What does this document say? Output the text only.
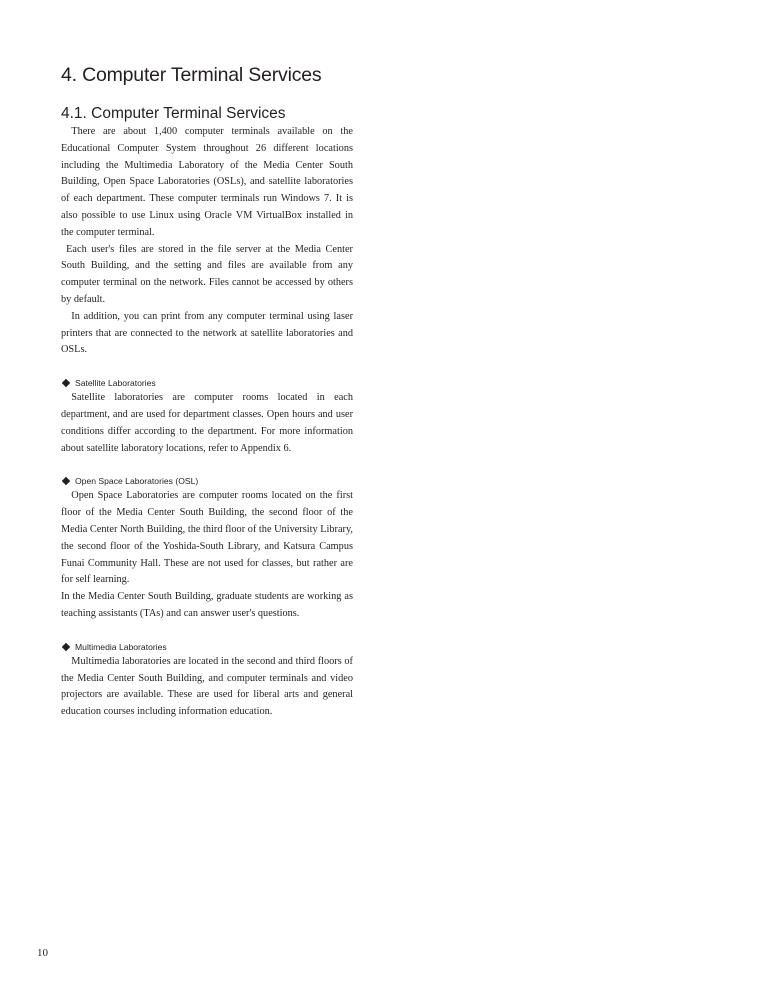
4. Computer Terminal Services
4.1. Computer Terminal Services

There are about 1,400 computer terminals available on the Educational Computer System throughout 26 different locations including the Multimedia Laboratory of the Media Center South Building, Open Space Laboratories (OSLs), and satellite laboratories of each department. These computer terminals run Windows 7. It is also possible to use Linux using Oracle VM VirtualBox installed in the computer terminal.

Each user's files are stored in the file server at the Media Center South Building, and the setting and files are available from any computer terminal on the network. Files cannot be accessed by others by default.

In addition, you can print from any computer terminal using laser printers that are connected to the network at satellite laboratories and OSLs.

Satellite Laboratories

Satellite laboratories are computer rooms located in each department, and are used for department classes. Open hours and user conditions differ according to the department. For more information about satellite laboratory locations, refer to Appendix 6.

Open Space Laboratories (OSL)

Open Space Laboratories are computer rooms located on the first floor of the Media Center South Building, the second floor of the Media Center North Building, the third floor of the University Library, the second floor of the Yoshida-South Library, and Katsura Campus Funai Community Hall. These are not used for classes, but rather are for self learning.

In the Media Center South Building, graduate students are working as teaching assistants (TAs) and can answer user's questions.

Multimedia Laboratories

Multimedia laboratories are located in the second and third floors of the Media Center South Building, and computer terminals and video projectors are available. These are used for liberal arts and general education courses including information education.

10
